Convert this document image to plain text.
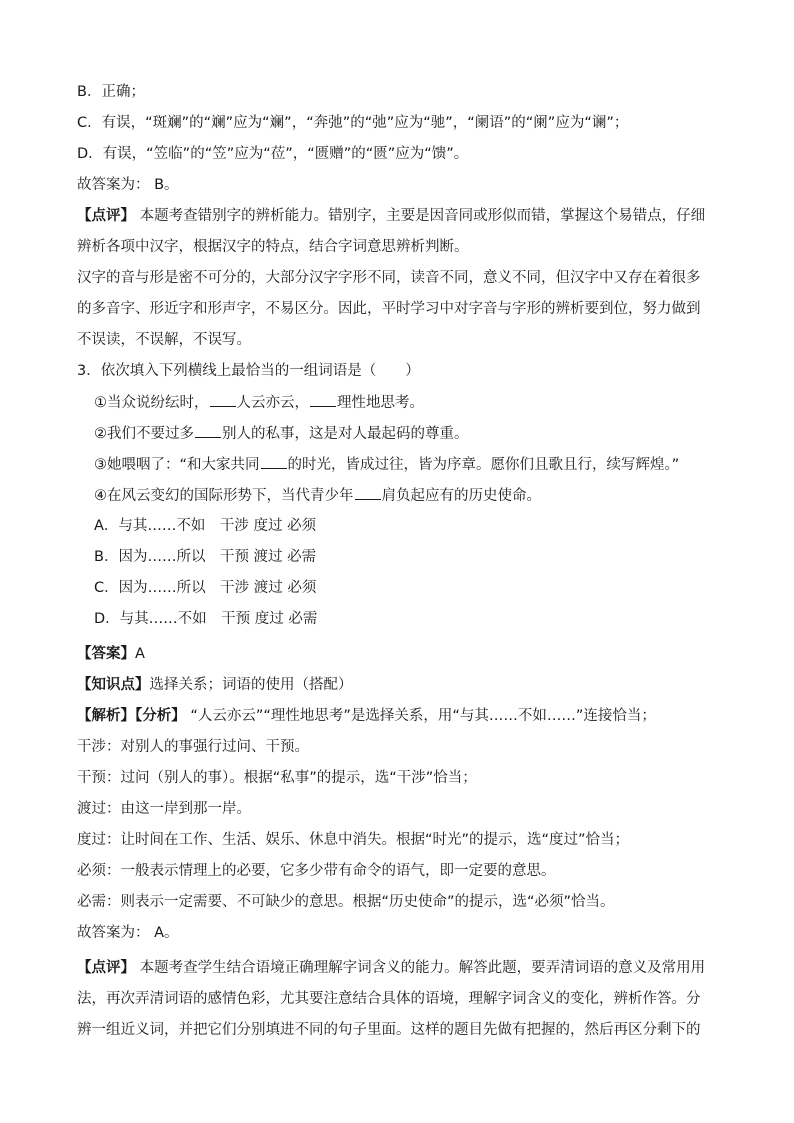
B．正确；
C．有误，“斑斓”的“斓”应为“斓”，“奔弛”的“弛”应为“驰”，“阑语”的“阑”应为“谰”；
D．有误，“笠临”的“笠”应为“莅”，“匮赠”的“匮”应为“馈”。
故答案为： B。
【点评】 本题考查错别字的辨析能力。错别字，主要是因音同或形似而错，掌握这个易错点，仔细
辨析各项中汉字，根据汉字的特点，结合字词意思辨析判断。
汉字的音与形是密不可分的，大部分汉字字形不同，读音不同，意义不同，但汉字中又存在着很多
的多音字、形近字和形声字，不易区分。因此，平时学习中对字音与字形的辨析要到位，努力做到
不误读，不误解，不误写。
3．依次填入下列横线上最恰当的一组词语是（　　）
①当众说纷纭时， 人云亦云， 理性地思考。
②我们不要过多 别人的私事，这是对人最起码的尊重。
③她喂咽了：“和大家共同 的时光，皆成过往，皆为序章。愿你们且歌且行，续写辉煌。”
④在风云变幻的国际形势下，当代青少年 肩负起应有的历史使命。
A．与其……不如　干涉 度过 必须
B．因为……所以　干预 渡过 必需
C．因为……所以　干涉 渡过 必须
D．与其……不如　干预 度过 必需
【答案】A
【知识点】选择关系；词语的使用（搭配）
【解析】【分析】 “人云亦云”“理性地思考”是选择关系，用“与其……不如……”连接恰当；
干涉：对别人的事强行过问、干预。
干预：过问（别人的事）。根据“私事”的提示，选“干涉”恰当；
渡过：由这一岸到那一岸。
度过：让时间在工作、生活、娱乐、休息中消失。根据“时光”的提示，选“度过”恰当；
必须：一般表示情理上的必要，它多少带有命令的语气，即一定要的意思。
必需：则表示一定需要、不可缺少的意思。根据“历史使命”的提示，选“必须”恰当。
故答案为： A。
【点评】 本题考查学生结合语境正确理解字词含义的能力。解答此题，要弄清词语的意义及常用用
法，再次弄清词语的感情色彩，尤其要注意结合具体的语境，理解字词含义的变化，辨析作答。分
辨一组近义词，并把它们分别填进不同的句子里面。这样的题目先做有把握的，然后再区分剩下的
